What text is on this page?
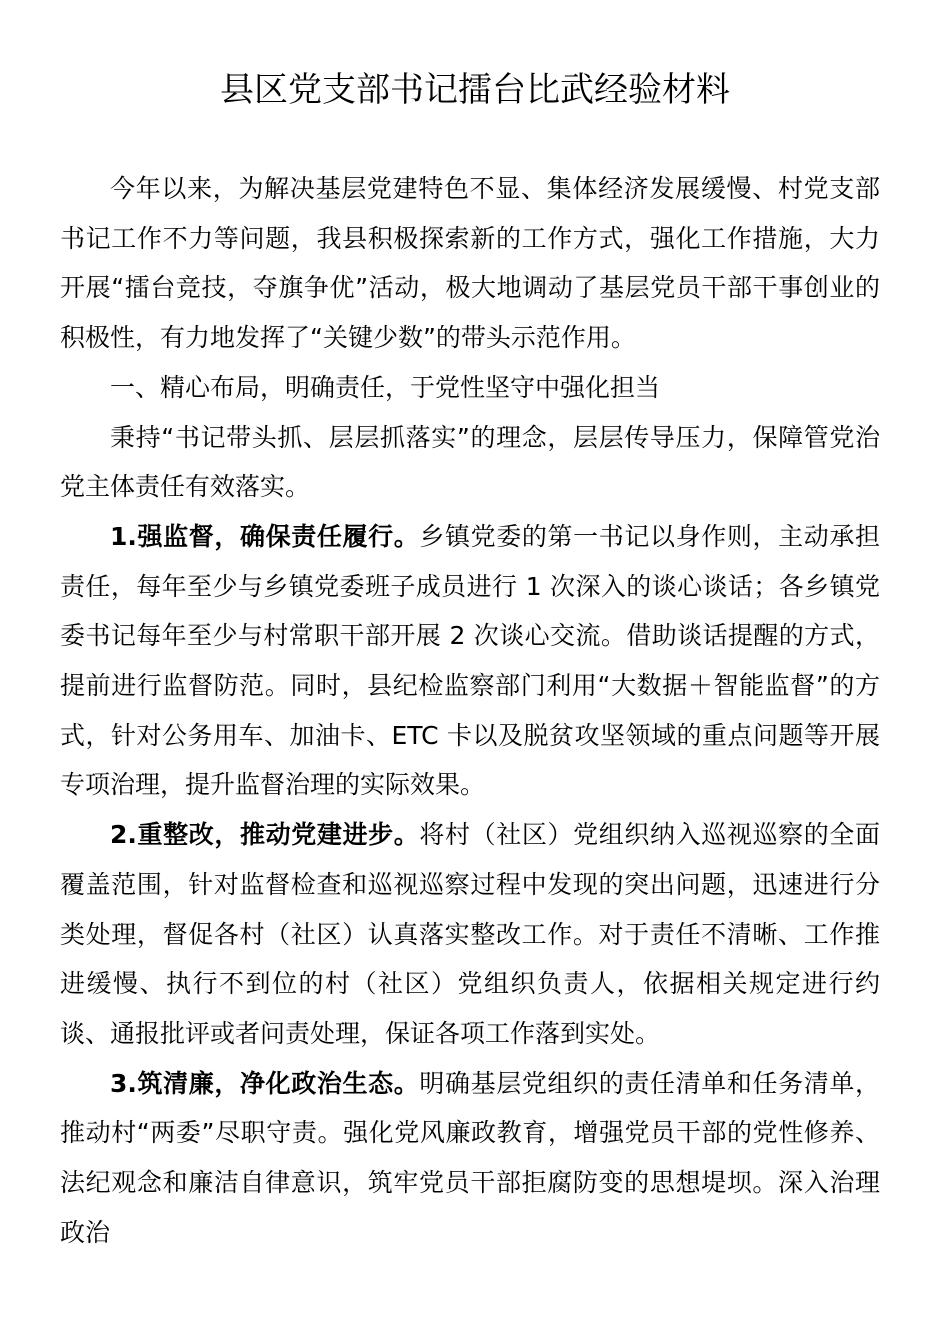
县区党支部书记擂台比武经验材料

今年以来，为解决基层党建特色不显、集体经济发展缓慢、村党支部书记工作不力等问题，我县积极探索新的工作方式，强化工作措施，大力开展“擂台竞技，夺旗争优”活动，极大地调动了基层党员干部干事创业的积极性，有力地发挥了“关键少数”的带头示范作用。

一、精心布局，明确责任，于党性坚守中强化担当

秉持“书记带头抓、层层抓落实”的理念，层层传导压力，保障管党治党主体责任有效落实。

1.强监督，确保责任履行。乡镇党委的第一书记以身作则，主动承担责任，每年至少与乡镇党委班子成员进行 1 次深入的谈心谈话；各乡镇党委书记每年至少与村常职干部开展 2 次谈心交流。借助谈话提醒的方式，提前进行监督防范。同时，县纪检监察部门利用“大数据＋智能监督”的方式，针对公务用车、加油卡、ETC 卡以及脱贫攻坚领域的重点问题等开展专项治理，提升监督治理的实际效果。

2.重整改，推动党建进步。将村（社区）党组织纳入巡视巡察的全面覆盖范围，针对监督检查和巡视巡察过程中发现的突出问题，迅速进行分类处理，督促各村（社区）认真落实整改工作。对于责任不清晰、工作推进缓慢、执行不到位的村（社区）党组织负责人，依据相关规定进行约谈、通报批评或者问责处理，保证各项工作落到实处。

3.筑清廉，净化政治生态。明确基层党组织的责任清单和任务清单，推动村“两委”尽职守责。强化党风廉政教育，增强党员干部的党性修养、法纪观念和廉洁自律意识，筑牢党员干部拒腐防变的思想堤坝。深入治理政治
